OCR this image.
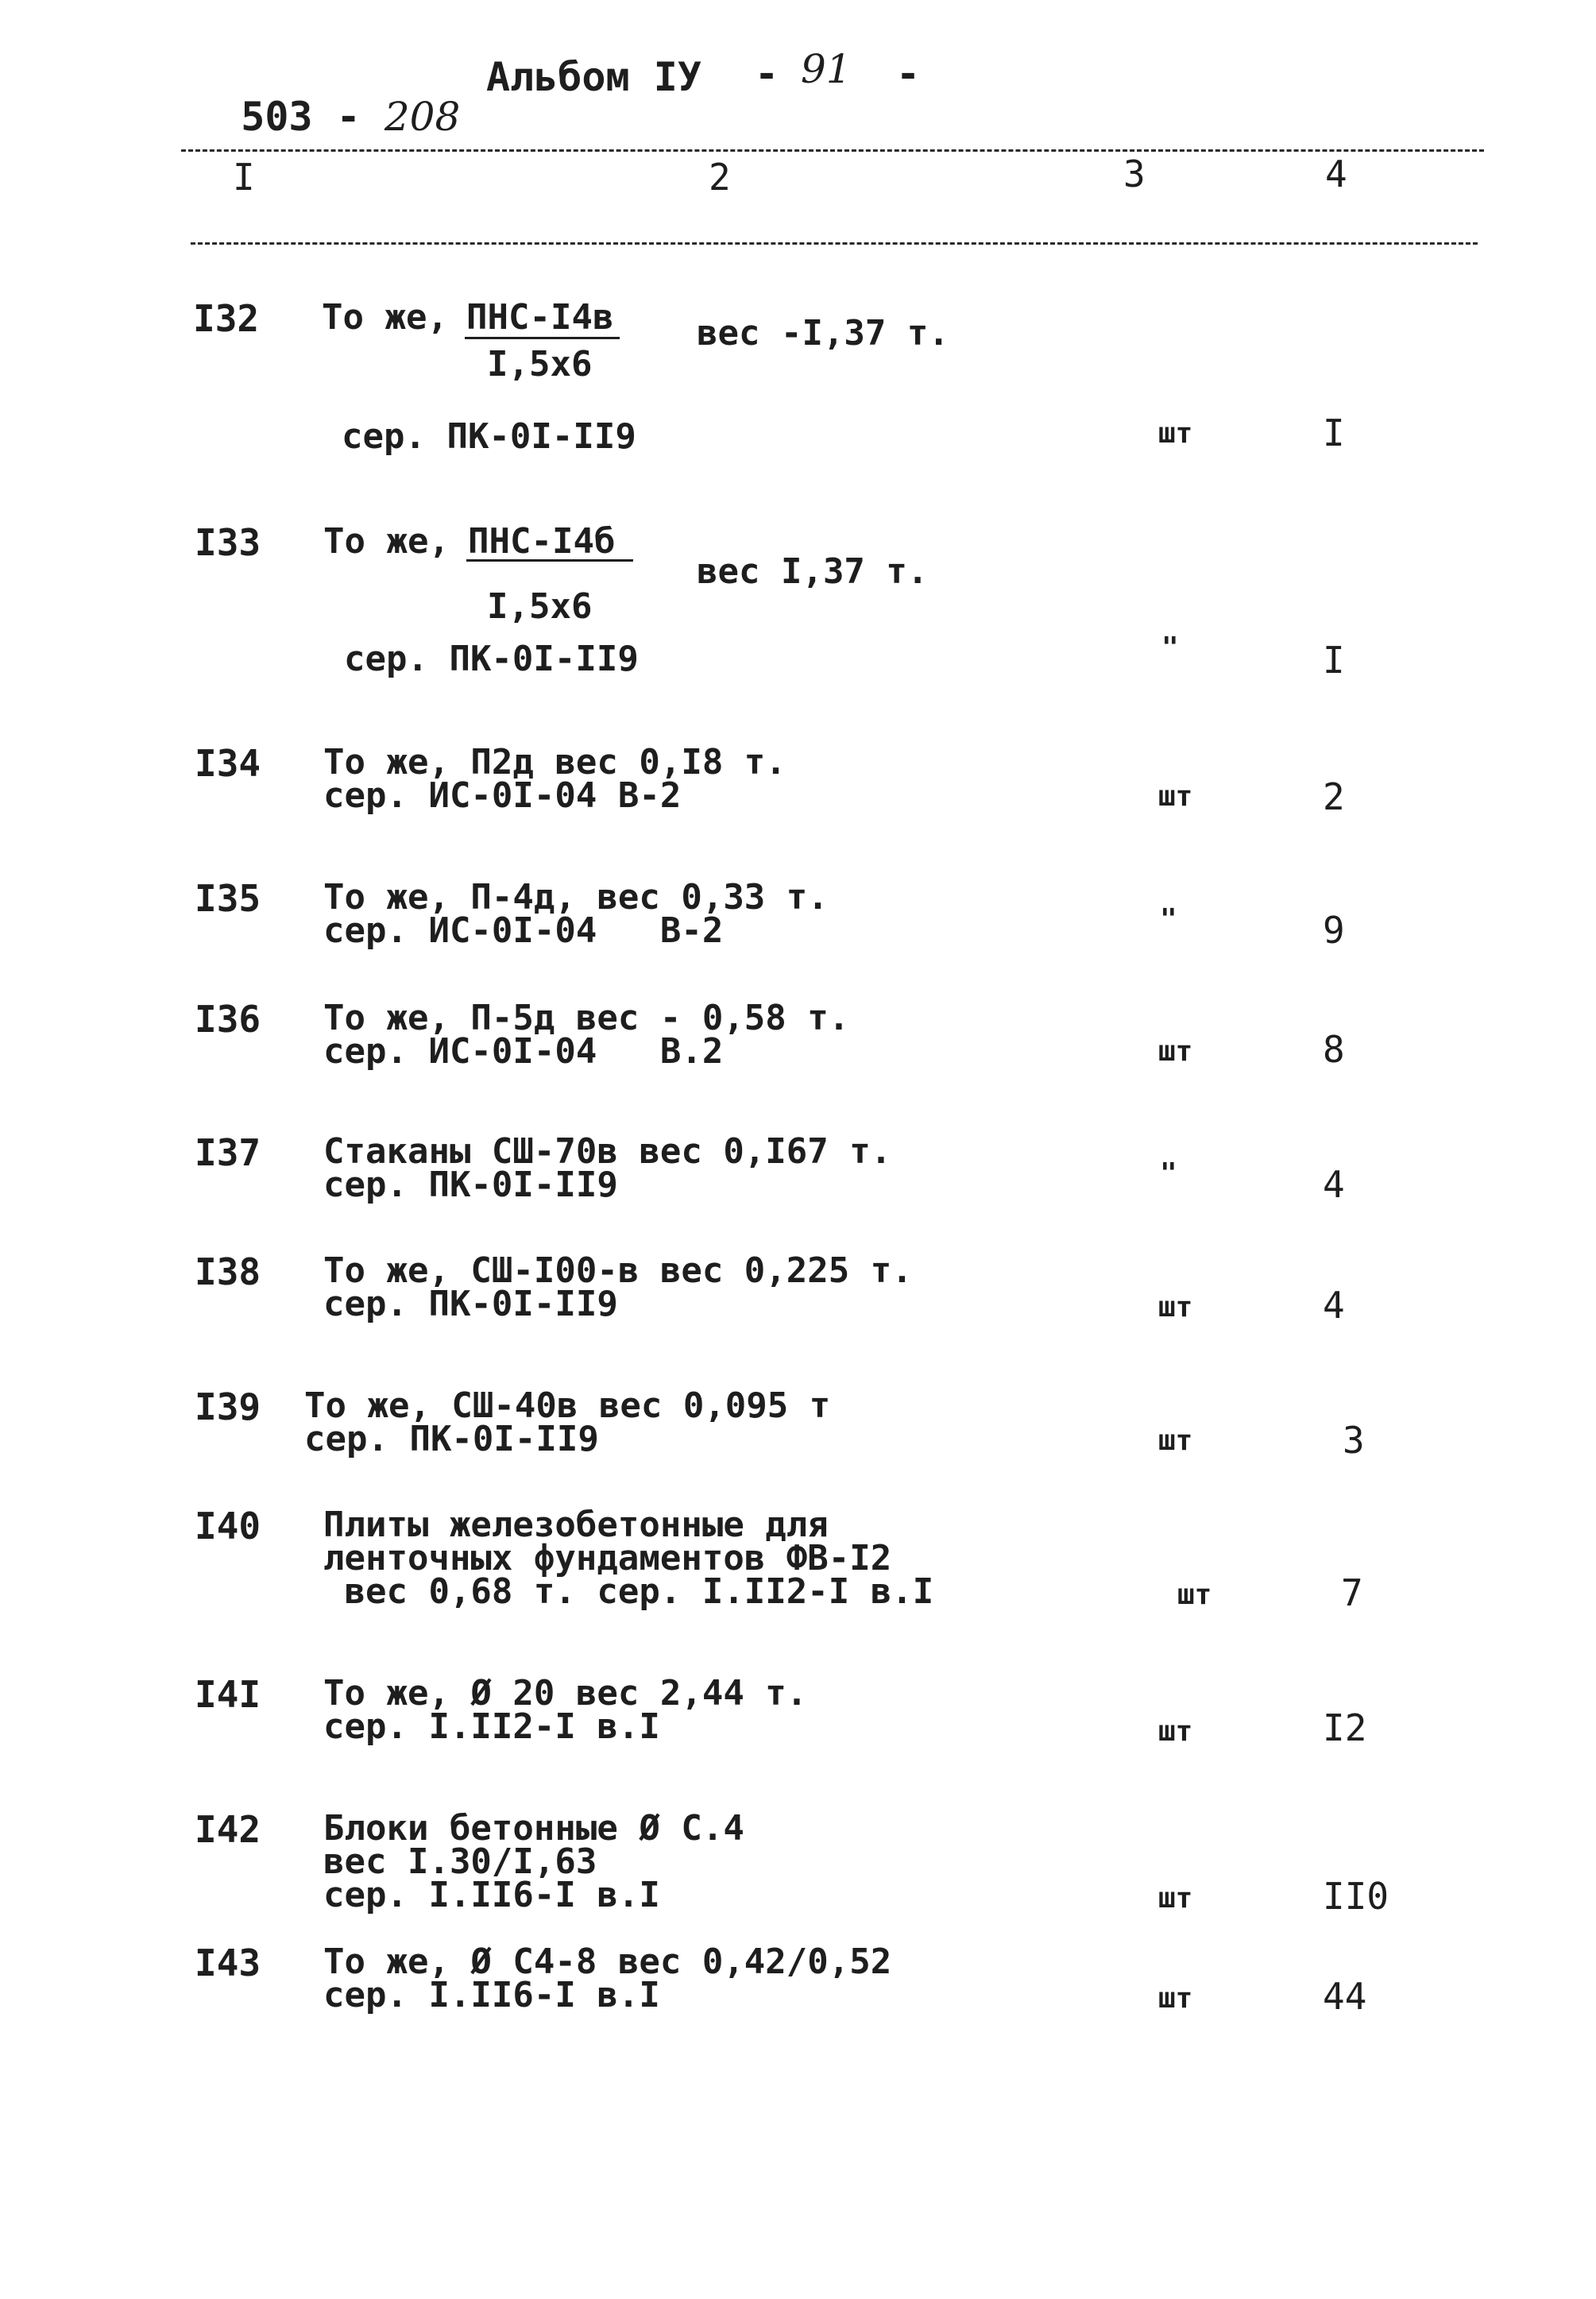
503 - 208

Альбом IУ - 91 -
I	2	3	4
I32 То же,
ПНС-I4в вес -I,37 т.
I,5х6
сер. ПК-0I-II9	шт	I
I33 То же,
ПНС-I4б
вес I,37 т.
I,5х6
сер. ПК-0I-II9	"	I
I34 То же, П2д вес 0,I8 т.
сер. ИС-0I-04 В-2	шт	2
I35 То же, П-4д, вес 0,33 т.
сер. ИС-0I-04   В-2	"	9
I36 То же, П-5д вес - 0,58 т.
сер. ИС-0I-04   В.2	шт	8
I37 Стаканы СШ-70в вес 0,I67 т.
сер. ПК-0I-II9	"	4
I38 То же, СШ-I00-в вес 0,225 т.
сер. ПК-0I-II9	шт	4
I39 То же, СШ-40в вес 0,095 т
сер. ПК-0I-II9	шт	3
I40 Плиты железобетонные для
ленточных фундаментов ФВ-I2
вес 0,68 т. сер. I.II2-I в.I	шт	7
I4I То же, Ø 20 вес 2,44 т.
сер. I.II2-I в.I	шт	I2
I42 Блоки бетонные Ø С.4
вес I.30/I,63
сер. I.II6-I в.I	шт	II0
I43 То же, Ø С4-8 вес 0,42/0,52
сер. I.II6-I в.I	шт	44
